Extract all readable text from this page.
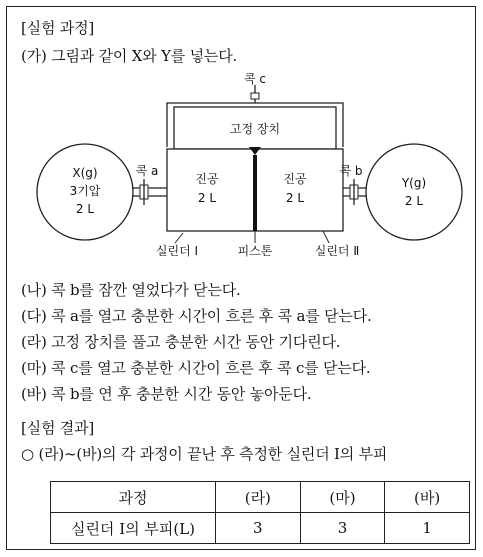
[실험 과정]
(가) 그림과 같이 X와 Y를 넣는다.
고정 장치
콕 c
진공
2 L
진공
2 L
X(g)
3기압
2 L
콕 a
Y(g)
2 L
콕 b
실린더 Ⅰ	피스톤	실린더 Ⅱ
(나) 콕 b를 잠깐 열었다가 닫는다.
(다) 콕 a를 열고 충분한 시간이 흐른 후 콕 a를 닫는다.
(라) 고정 장치를 풀고 충분한 시간 동안 기다린다.
(마) 콕 c를 열고 충분한 시간이 흐른 후 콕 c를 닫는다.
(바) 콕 b를 연 후 충분한 시간 동안 놓아둔다.
[실험 결과]
○ (라)~(바)의 각 과정이 끝난 후 측정한 실린더 Ⅰ의 부피
과정	(라)	(마)	(바)
실린더 Ⅰ의 부피(L)	3	3	1
